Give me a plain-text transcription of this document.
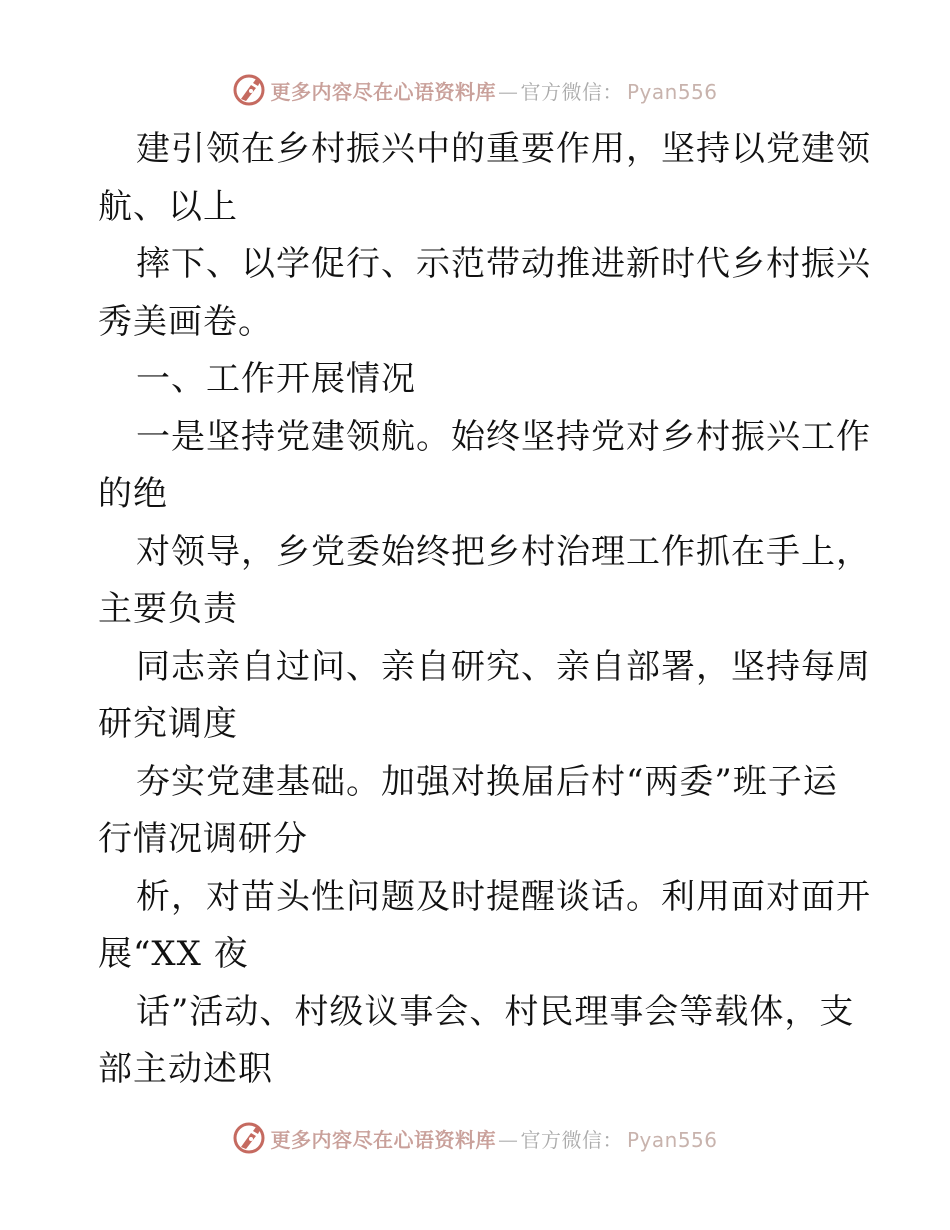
更多内容尽在心语资料库 — 官方微信： Pyan556
建引领在乡村振兴中的重要作用，坚持以党建领
航、以上
摔下、以学促行、示范带动推进新时代乡村振兴
秀美画卷。
一、工作开展情况
一是坚持党建领航。始终坚持党对乡村振兴工作
的绝
对领导，乡党委始终把乡村治理工作抓在手上，
主要负责
同志亲自过问、亲自研究、亲自部署，坚持每周
研究调度
夯实党建基础。加强对换届后村“两委”班子运
行情况调研分
析，对苗头性问题及时提醒谈话。利用面对面开
展“XX 夜
话”活动、村级议事会、村民理事会等载体，支
部主动述职
更多内容尽在心语资料库 — 官方微信： Pyan556
